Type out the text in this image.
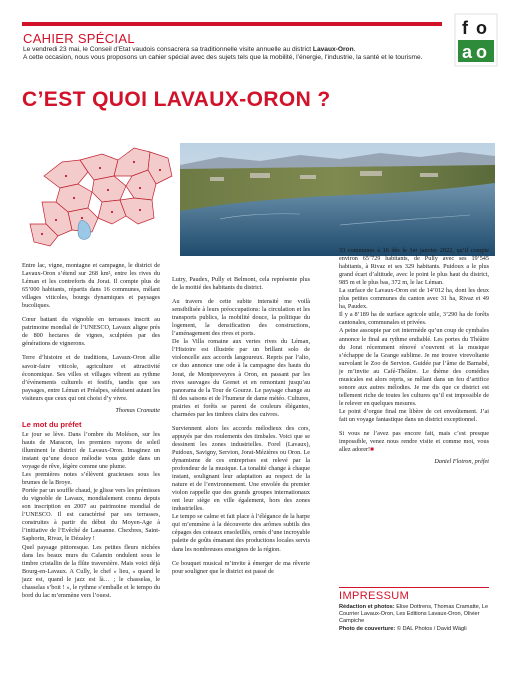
f o
a o
CAHIER SPÉCIAL
Le vendredi 23 mai, le Conseil d’Etat vaudois consacrera sa traditionnelle visite annuelle au district Lavaux-Oron.
A cette occasion, nous vous proposons un cahier spécial avec des sujets tels que la mobilité, l’énergie, l’industrie, la santé et le tourisme.
C’EST QUOI LAVAUX-ORON ?

Entre lac, vigne, montagne et campagne, le district de Lavaux-Oron s’étend sur 268 km², entre les rives du Léman et les contreforts du Jorat. Il compte plus de 65’000 habitants, répartis dans 16 communes, mêlant villages viticoles, bourgs dynamiques et paysages bucoliques.

Cœur battant du vignoble en terrasses inscrit au patrimoine mondial de l’UNESCO, Lavaux aligne près de 800 hectares de vignes, sculptées par des générations de vignerons.

Terre d’histoire et de traditions, Lavaux-Oron allie savoir-faire viticole, agriculture et attractivité économique. Ses villes et villages vibrent au rythme d’événements culturels et festifs, tandis que ses paysages, entre Léman et Préalpes, séduisent autant les visiteurs que ceux qui ont choisi d’y vivre.

Thomas Cramatte

Le mot du préfet

Le jour se lève. Dans l’ombre du Moléson, sur les hauts de Maracon, les premiers rayons de soleil illuminent le district de Lavaux-Oron. Imaginez un instant qu’une douce mélodie vous guide dans un voyage de rêve, légère comme une plume.

Les premières notes s’élèvent gracieuses sous les brumes de la Broye.

Portée par un souffle chaud, je glisse vers les prémisses du vignoble de Lavaux, mondialement connu depuis son inscription en 2007 au patrimoine mondial de l’UNESCO. Il est caractérisé par ses terrasses, construites à partir du début du Moyen-Age à l’initiative de l’Evêché de Lausanne. Chexbres, Saint-Saphorin, Rivaz, le Dézaley !

Quel paysage pittoresque. Les petites fleurs nichées dans les beaux murs du Calamin ondulent sous le timbre cristallin de la flûte traversière. Mais voici déjà Bourg-en-Lavaux. A Cully, le chef « lieu, « quand le jazz est, quand le jazz est là… ; le chasselas, le chasselas s’boit ! », le rythme s’emballe et le tempo du bord du lac m’emmène vers l’ouest.

Lutry, Paudex, Pully et Belmont, cela représente plus de la moitié des habitants du district.

Au travers de cette subite intensité me voilà sensibilisée à leurs préoccupations: la circulation et les transports publics, la mobilité douce, la politique du logement, la densification des constructions, l’aménagement des rives et ports.

De la Villa romaine aux vertes rives du Léman, l’Histoire est illustrée par un brillant solo de violoncelle aux accords langoureux. Repris par l’alto, ce duo annonce une ode à la campagne des hauts du Jorat, de Montpreveyres à Oron, en passant par les rives sauvages du Grenet et en remontant jusqu’au panorama de la Tour de Gourze. Le paysage change au fil des saisons et de l’humeur de dame météo. Cultures, prairies et forêts se parent de couleurs élégantes, charmées par les timbres clairs des cuivres.

Surviennent alors les accords mélodieux des cors, appuyés par des roulements des timbales. Voici que se dessinent les zones industrielles. Forel (Lavaux), Puidoux, Savigny, Servion, Jorat-Mézières ou Oron. Le dynamisme de ces entreprises est relevé par la profondeur de la musique. La tonalité change à chaque instant, soulignant leur adaptation au respect de la nature et de l’environnement. Une envolée du premier violon rappelle que des grands groupes internationaux ont leur siège en ville également, hors des zones industrielles.

Le tempo se calme et fait place à l’élégance de la harpe qui m’emmène à la découverte des arômes subtils des cépages des coteaux ensoleillés, ornés d’une incroyable palette de goûts émanant des productions locales servis dans les nombreuses enseignes de la région.

Ce bouquet musical m’invite à émerger de ma rêverie pour souligner que le district est passé de

33 communes à 16 dès le 1er janvier 2022, qu’il compte environ 65’729 habitants, de Pully avec ses 19’545 habitants, à Rivaz et ses 329 habitants. Puidoux a le plus grand écart d’altitude, avec le point le plus haut du district, 985 m et le plus bas, 372 m, le lac Léman.

La surface de Lavaux-Oron est de 14’012 ha, dont les deux plus petites communes du canton avec 31 ha, Rivaz et 49 ha, Paudex.

Il y a 8’189 ha de surface agricole utile, 3’290 ha de forêts cantonales, communales et privées.

A peine assoupie par cet intermède qu’un coup de cymbales annonce le final au rythme endiablé. Les portes du Théâtre du Jorat récemment rénové s’ouvrent et la musique s’échappe de la Grange sublime. Je me trouve virevoltante survolant le Zoo de Servion. Guidée par l’âme de Barnabé, je m’invite au Café-Théâtre. Le thème des comédies musicales est alors repris, se mêlant dans un feu d’artifice sonore aux autres mélodies. Je me dis que ce district est tellement riche de toutes les cultures qu’il est impossible de le relever en quelques mesures.

Le point d’orgue final me libère de cet envoûtement. J’ai fait un voyage fantastique dans un district exceptionnel.

Si vous ne l’avez pas encore fait, mais c’est presque impossible, venez nous rendre visite et comme moi, vous allez adorer!■

Daniel Flotron, préfet

IMPRESSUM
Rédaction et photos: Elise Dottrens, Thomas Cramatte, Le Courrier Lavaux-Oron, Les Editions Lavaux-Oron, Olivier Campiche
Photo de couverture: © DAL Photos / David Wägli
